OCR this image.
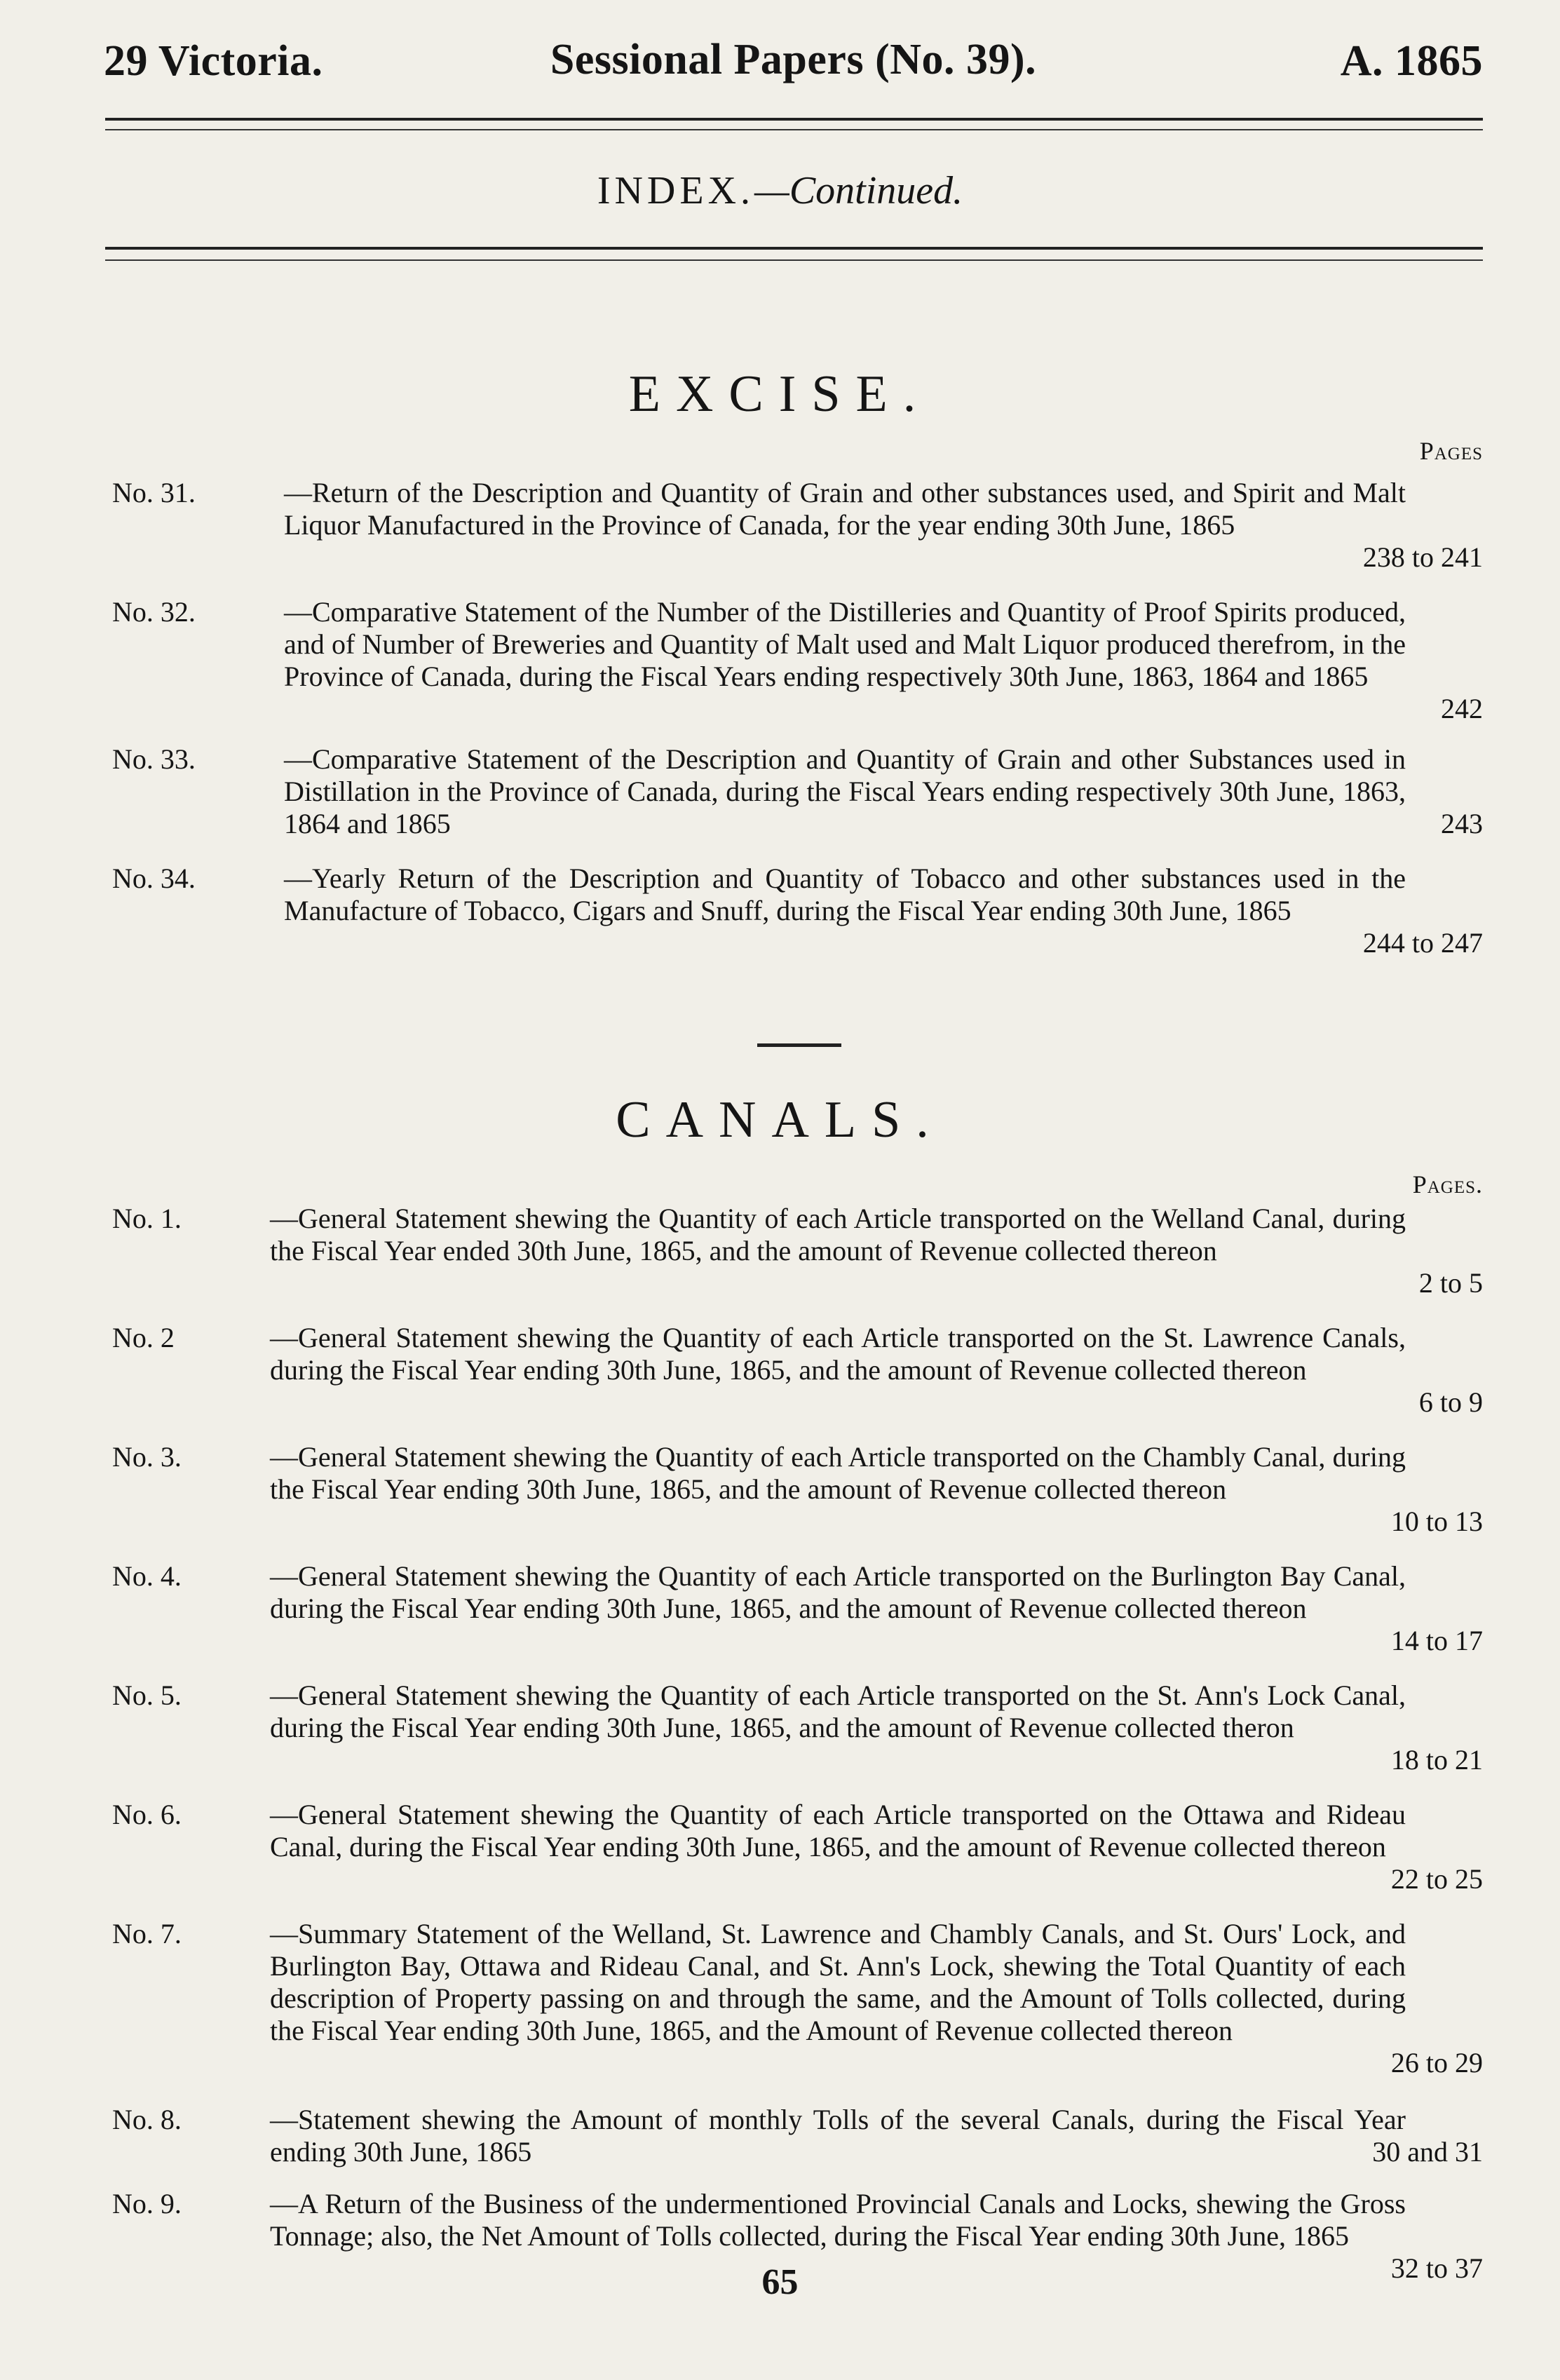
29 Victoria.	Sessional Papers (No. 39).	A. 1865
INDEX.—Continued.
EXCISE.
Pages
No. 31.	—Return of the Description and Quantity of Grain and other substances used, and Spirit and Malt Liquor Manufactured in the Province of Canada, for the year ending 30th June, 1865
238 to 241
No. 32.	—Comparative Statement of the Number of the Distilleries and Quantity of Proof Spirits produced, and of Number of Breweries and Quantity of Malt used and Malt Liquor produced therefrom, in the Province of Canada, during the Fiscal Years ending respectively 30th June, 1863, 1864 and 1865
242
No. 33.	—Comparative Statement of the Description and Quantity of Grain and other Substances used in Distillation in the Province of Canada, during the Fiscal Years ending respectively 30th June, 1863, 1864 and 1865	243
No. 34.	—Yearly Return of the Description and Quantity of Tobacco and other substances used in the Manufacture of Tobacco, Cigars and Snuff, during the Fiscal Year ending 30th June, 1865
244 to 247
CANALS.
Pages.
No. 1.	—General Statement shewing the Quantity of each Article transported on the Welland Canal, during the Fiscal Year ended 30th June, 1865, and the amount of Revenue collected thereon
2 to 5
No. 2	—General Statement shewing the Quantity of each Article transported on the St. Lawrence Canals, during the Fiscal Year ending 30th June, 1865, and the amount of Revenue collected thereon
6 to 9
No. 3.	—General Statement shewing the Quantity of each Article transported on the Chambly Canal, during the Fiscal Year ending 30th June, 1865, and the amount of Revenue collected thereon
10 to 13
No. 4.	—General Statement shewing the Quantity of each Article transported on the Burlington Bay Canal, during the Fiscal Year ending 30th June, 1865, and the amount of Revenue collected thereon
14 to 17
No. 5.	—General Statement shewing the Quantity of each Article transported on the St. Ann's Lock Canal, during the Fiscal Year ending 30th June, 1865, and the amount of Revenue collected theron
18 to 21
No. 6.	—General Statement shewing the Quantity of each Article transported on the Ottawa and Rideau Canal, during the Fiscal Year ending 30th June, 1865, and the amount of Revenue collected thereon
22 to 25
No. 7.	—Summary Statement of the Welland, St. Lawrence and Chambly Canals, and St. Ours' Lock, and Burlington Bay, Ottawa and Rideau Canal, and St. Ann's Lock, shewing the Total Quantity of each description of Property passing on and through the same, and the Amount of Tolls collected, during the Fiscal Year ending 30th June, 1865, and the Amount of Revenue collected thereon
26 to 29
No. 8.	—Statement shewing the Amount of monthly Tolls of the several Canals, during the Fiscal Year ending 30th June, 1865	30 and 31
No. 9.	—A Return of the Business of the undermentioned Provincial Canals and Locks, shewing the Gross Tonnage; also, the Net Amount of Tolls collected, during the Fiscal Year ending 30th June, 1865
32 to 37
65
